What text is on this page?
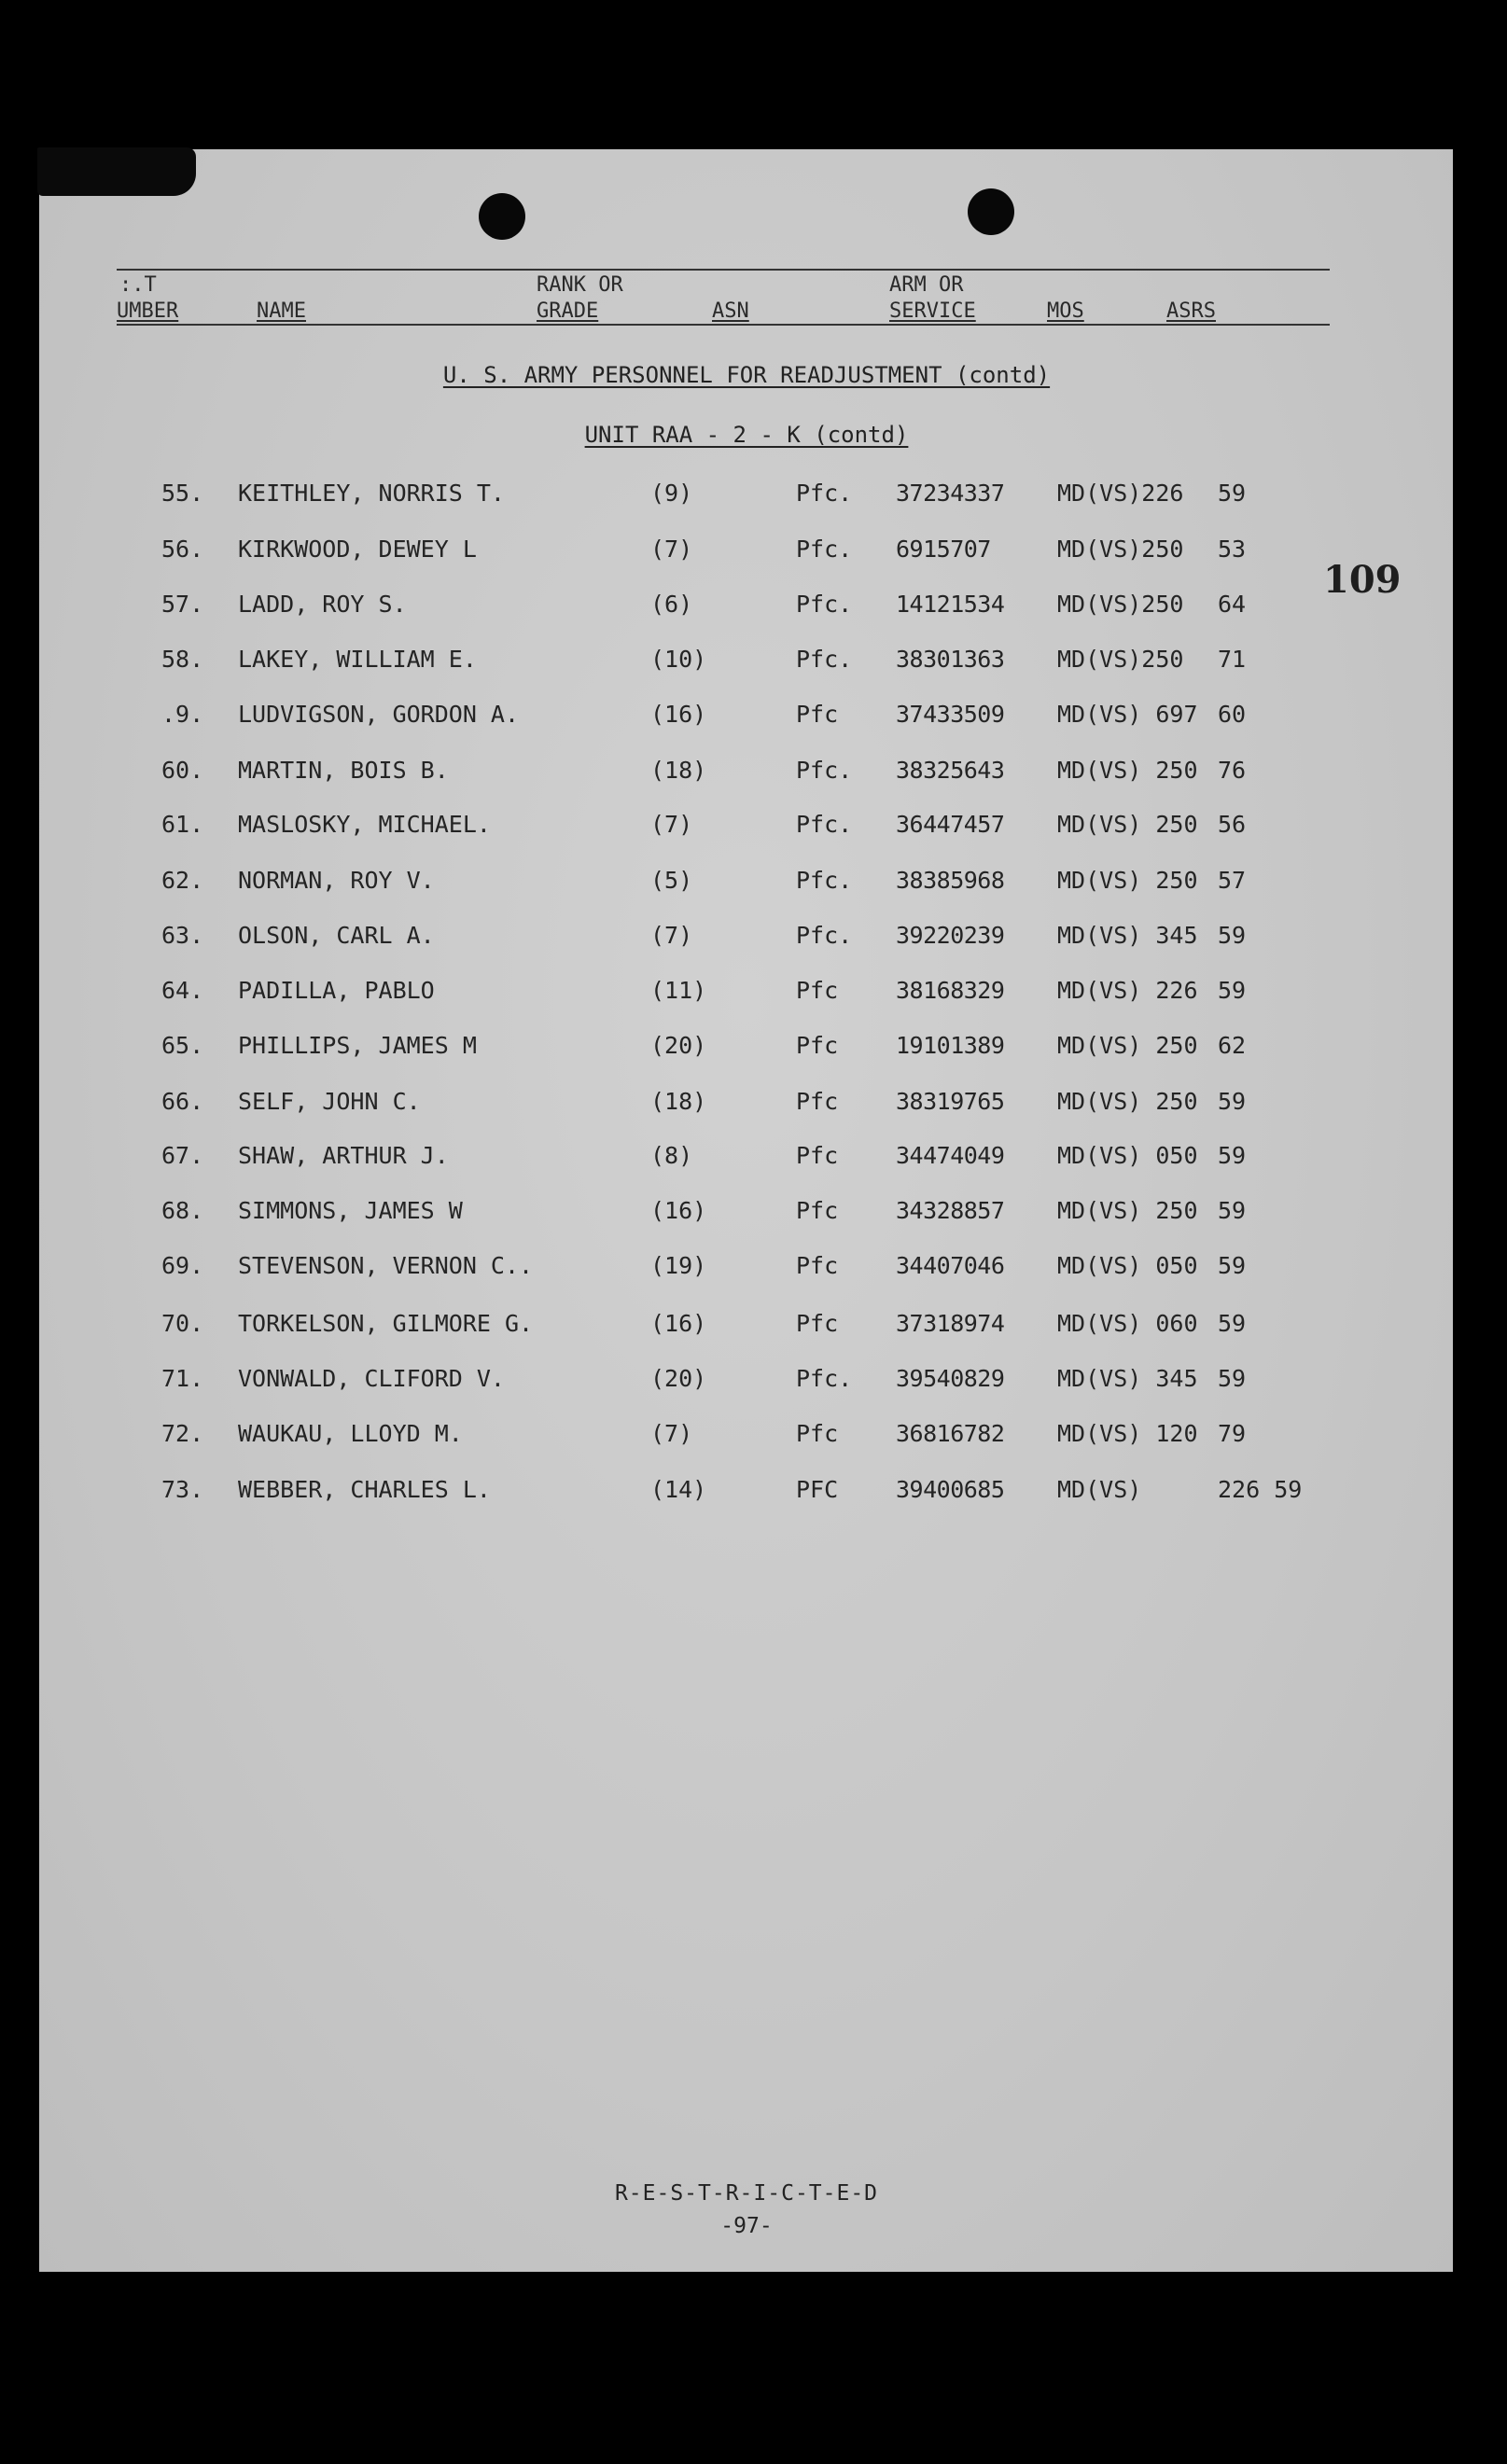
:.T
UMBER	NAME
RANK OR
GRADE	ASN
ARM OR
SERVICE	MOS	ASRS
U. S. ARMY PERSONNEL FOR READJUSTMENT (contd)
UNIT RAA - 2 - K (contd)
109
55. KEITHLEY, NORRIS T.	(9)	Pfc. 37234337 MD(VS)226 59
56. KIRKWOOD, DEWEY L	(7)	Pfc. 6915707	MD(VS)250 53
57. LADD, ROY S.	(6)	Pfc. 14121534 MD(VS)250 64
58. LAKEY, WILLIAM E.	(10)	Pfc. 38301363 MD(VS)250 71
.9. LUDVIGSON, GORDON A.	(16)	Pfc 37433509 MD(VS) 697 60
60. MARTIN, BOIS B.	(18)	Pfc. 38325643 MD(VS) 250 76
61. MASLOSKY, MICHAEL.	(7)	Pfc. 36447457 MD(VS) 250 56
62. NORMAN, ROY V.	(5)	Pfc. 38385968 MD(VS) 250 57
63. OLSON, CARL A.	(7)	Pfc. 39220239 MD(VS) 345 59
64. PADILLA, PABLO	(11)	Pfc 38168329 MD(VS) 226 59
65. PHILLIPS, JAMES M	(20)	Pfc 19101389 MD(VS) 250 62
66. SELF, JOHN C.	(18)	Pfc 38319765 MD(VS) 250 59
67. SHAW, ARTHUR J.	(8)	Pfc 34474049 MD(VS) 050 59
68. SIMMONS, JAMES W	(16)	Pfc 34328857 MD(VS) 250 59
69. STEVENSON, VERNON C..	(19)	Pfc 34407046 MD(VS) 050 59
70. TORKELSON, GILMORE G.	(16)	Pfc 37318974 MD(VS) 060 59
71. VONWALD, CLIFORD V.	(20)	Pfc. 39540829 MD(VS) 345 59
72. WAUKAU, LLOYD M.	(7)	Pfc 36816782 MD(VS) 120 79
73. WEBBER, CHARLES L.	(14)	PFC 39400685 MD(VS)	226 59
R-E-S-T-R-I-C-T-E-D
-97-
